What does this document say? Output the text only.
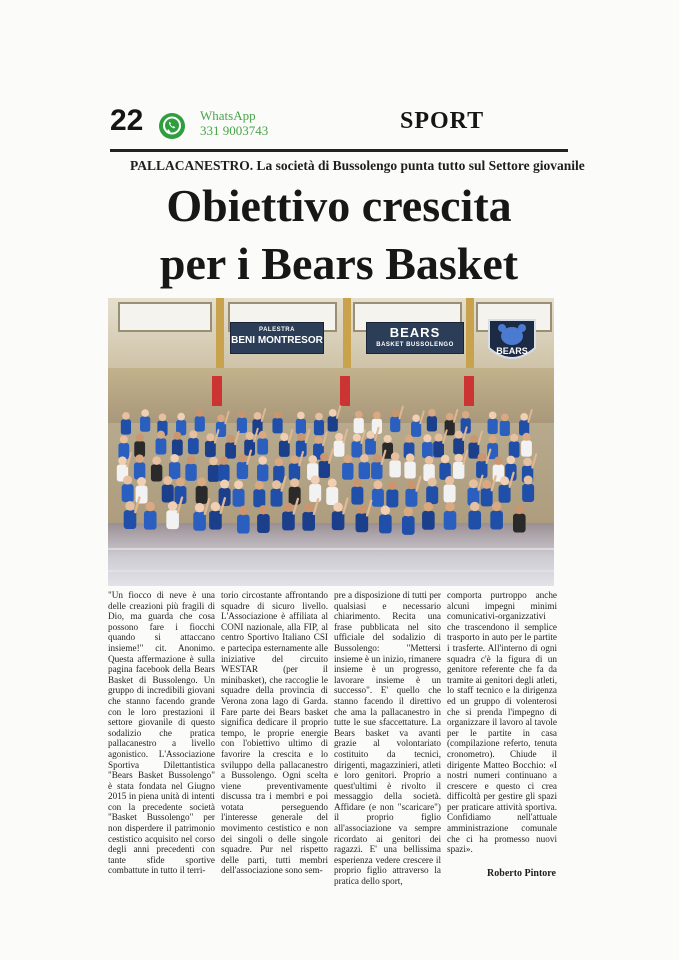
22	WhatsApp
331 9003743	SPORT
PALLACANESTRO. La società di Bussolengo punta tutto sul Settore giovanile
Obiettivo crescita
per i Bears Basket
PALESTRA
BENI MONTRESOR
BEARS
BASKET BUSSOLENGO
BEARS

"Un fiocco di neve è una delle creazioni più fragili di Dio, ma guarda che cosa possono fare i fiocchi quando si attaccano insieme!" cit. Anonimo. Questa affermazione è sulla pagina facebook della Bears Basket di Bussolengo. Un gruppo di incredibili giovani che stanno facendo grande con le loro prestazioni il settore giovanile di questo sodalizio che pratica pallacanestro a livello agonistico. L'Associazione Sportiva Dilettantistica "Bears Basket Bussolengo" è stata fondata nel Giugno 2015 in piena unità di intenti con la precedente società "Basket Bussolengo" per non disperdere il patrimonio cestistico acquisito nel corso degli anni precedenti con tante sfide sportive combattute in tutto il terri-

torio circostante affrontando squadre di sicuro livello. L'Associazione è affiliata al CONI nazionale, alla FIP, al centro Sportivo Italiano CSI e partecipa esternamente alle iniziative del circuito WESTAR (per il minibasket), che raccoglie le squadre della provincia di Verona zona lago di Garda. Fare parte dei Bears basket significa dedicare il proprio tempo, le proprie energie con l'obiettivo ultimo di favorire la crescita e lo sviluppo della pallacanestro a Bussolengo. Ogni scelta viene preventivamente discussa tra i membri e poi votata perseguendo l'interesse generale del movimento cestistico e non dei singoli o delle singole squadre. Pur nel rispetto delle parti, tutti membri dell'associazione sono sem-

pre a disposizione di tutti per qualsiasi e necessario chiarimento. Recita una frase pubblicata nel sito ufficiale del sodalizio di Bussolengo: "Mettersi insieme è un inizio, rimanere insieme è un progresso, lavorare insieme è un successo". E' quello che stanno facendo il direttivo che ama la pallacanestro in tutte le sue sfaccettature. La Bears basket va avanti grazie al volontariato costituito da tecnici, dirigenti, magazzinieri, atleti e loro genitori. Proprio a quest'ultimi è rivolto il messaggio della società. Affidare (e non "scaricare") il proprio figlio all'associazione va sempre ricordato ai genitori dei ragazzi. E' una bellissima esperienza vedere crescere il proprio figlio attraverso la pratica dello sport,

comporta purtroppo anche alcuni impegni minimi comunicativi-organizzativi che trascendono il semplice trasporto in auto per le partite i trasferte. All'interno di ogni squadra c'è la figura di un genitore referente che fa da tramite ai genitori degli atleti, lo staff tecnico e la dirigenza ed un gruppo di volenterosi che si prenda l'impegno di organizzare il lavoro al tavole per le partite in casa (compilazione referto, tenuta cronometro). Chiude il dirigente Matteo Bocchio: «I nostri numeri continuano a crescere e questo ci crea difficoltà per gestire gli spazi per praticare attività sportiva. Confidiamo nell'attuale amministrazione comunale che ci ha promesso nuovi spazi».

Roberto Pintore
